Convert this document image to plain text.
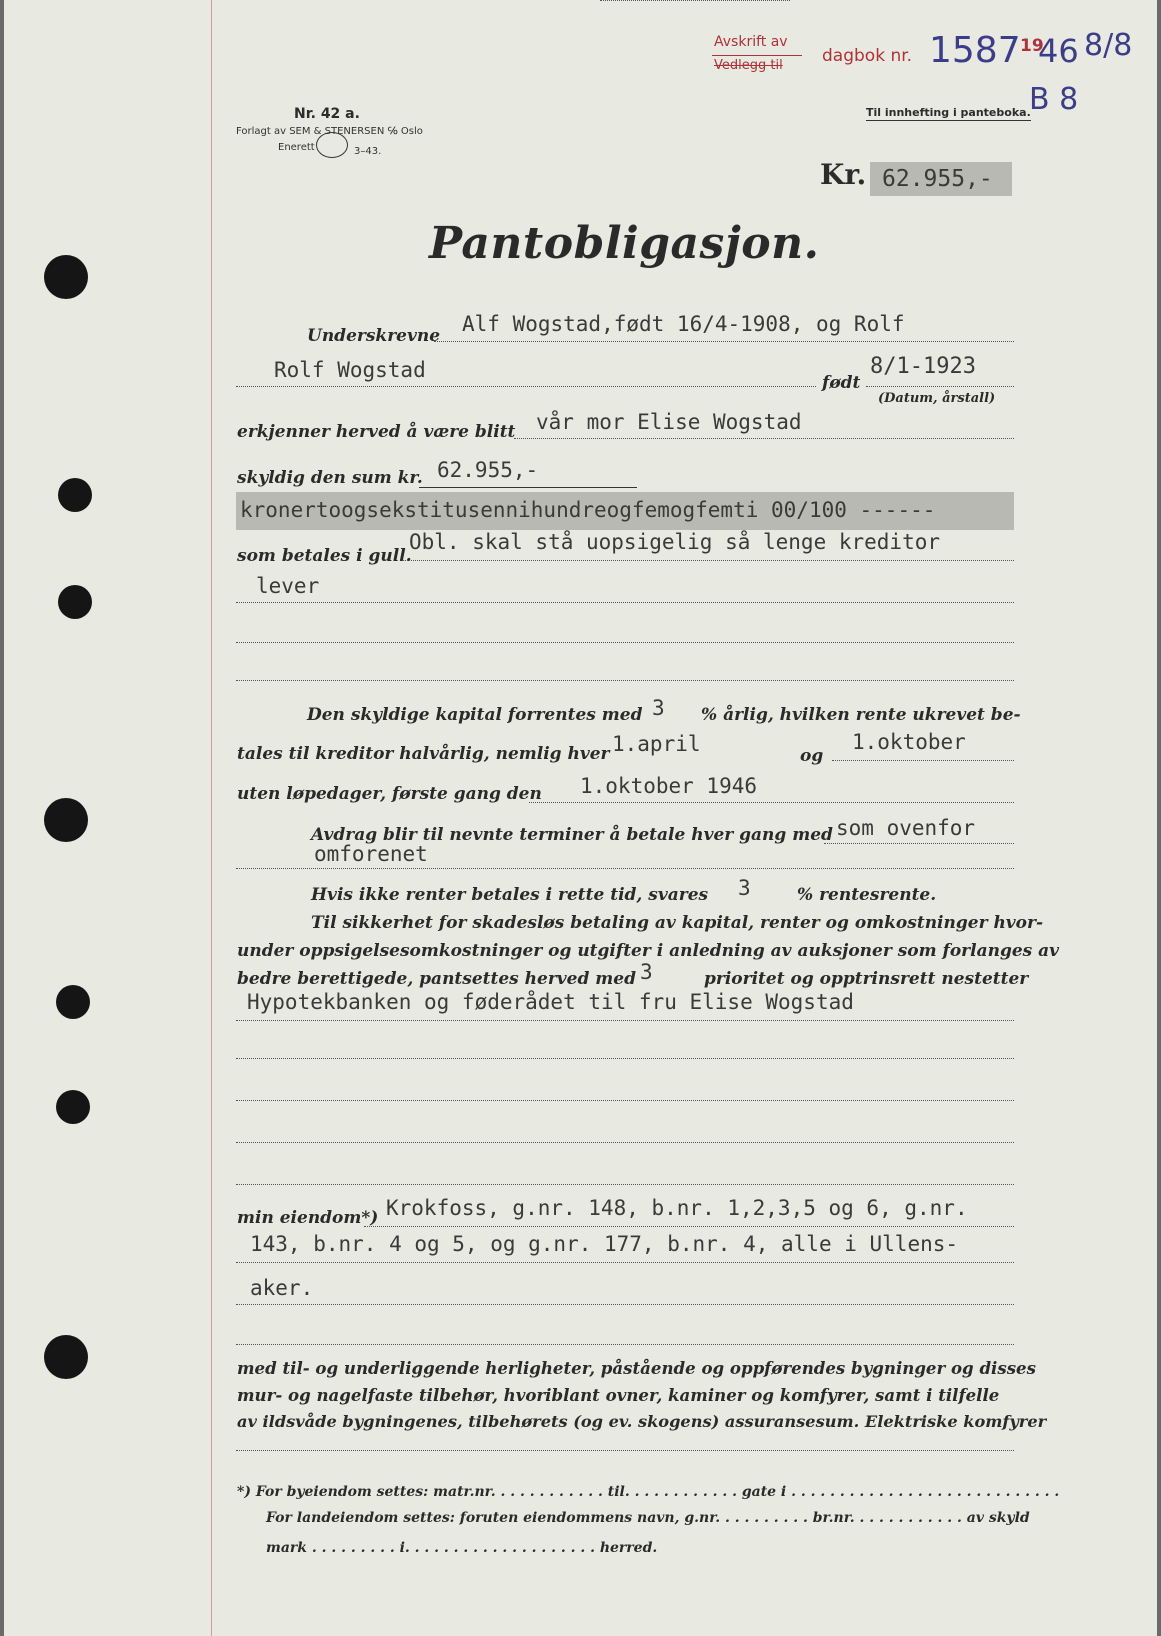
Avskrift av
Vedlegg til dagbok nr. 1587 19
46 8/8
Nr. 42 a.
Forlagt av SEM & STENERSEN ℅ Oslo
Enerett	3–43.
Til innhefting i panteboka.
B 8
Kr. 62.955,-
Pantobligasjon.
Underskrevne Alf Wogstad,født 16/4-1908, og Rolf
Rolf Wogstad
født
8/1-1923
(Datum, årstall)
erkjenner herved å være blitt vår mor Elise Wogstad
skyldig den sum kr. 62.955,-
kronertoogsekstitusennihundreogfemogfemti 00/100 ------
som betales i gull.
Obl. skal stå uopsigelig så lenge kreditor
lever
Den skyldige kapital forrentes med 3 % årlig, hvilken rente ukrevet be-
tales til kreditor halvårlig, nemlig hver 1.april	og
1.oktober
uten løpedager, første gang den 1.oktober 1946
Avdrag blir til nevnte terminer å betale hver gang med som ovenfor
omforenet
Hvis ikke renter betales i rette tid, svares 3	% rentesrente.
Til sikkerhet for skadesløs betaling av kapital, renter og omkostninger hvor-
under oppsigelsesomkostninger og utgifter i anledning av auksjoner som forlanges av
bedre berettigede, pantsettes herved med 3	prioritet og opptrinsrett nestetter
Hypotekbanken og føderådet til fru Elise Wogstad
min eiendom*) Krokfoss, g.nr. 148, b.nr. 1,2,3,5 og 6, g.nr.
143, b.nr. 4 og 5, og g.nr. 177, b.nr. 4, alle i Ullens-
aker.
med til- og underliggende herligheter, påstående og oppførendes bygninger og disses
mur- og nagelfaste tilbehør, hvoriblant ovner, kaminer og komfyrer, samt i tilfelle
av ildsvåde bygningenes, tilbehørets (og ev. skogens) assuransesum. Elektriske komfyrer
*) For byeiendom settes: matr.nr. . . . . . . . . . . . til. . . . . . . . . . . . gate i . . . . . . . . . . . . . . . . . . . . . . . . . . . .
For landeiendom settes: foruten eiendommens navn, g.nr. . . . . . . . . . br.nr. . . . . . . . . . . . av skyld
mark . . . . . . . . . i. . . . . . . . . . . . . . . . . . . . herred.
